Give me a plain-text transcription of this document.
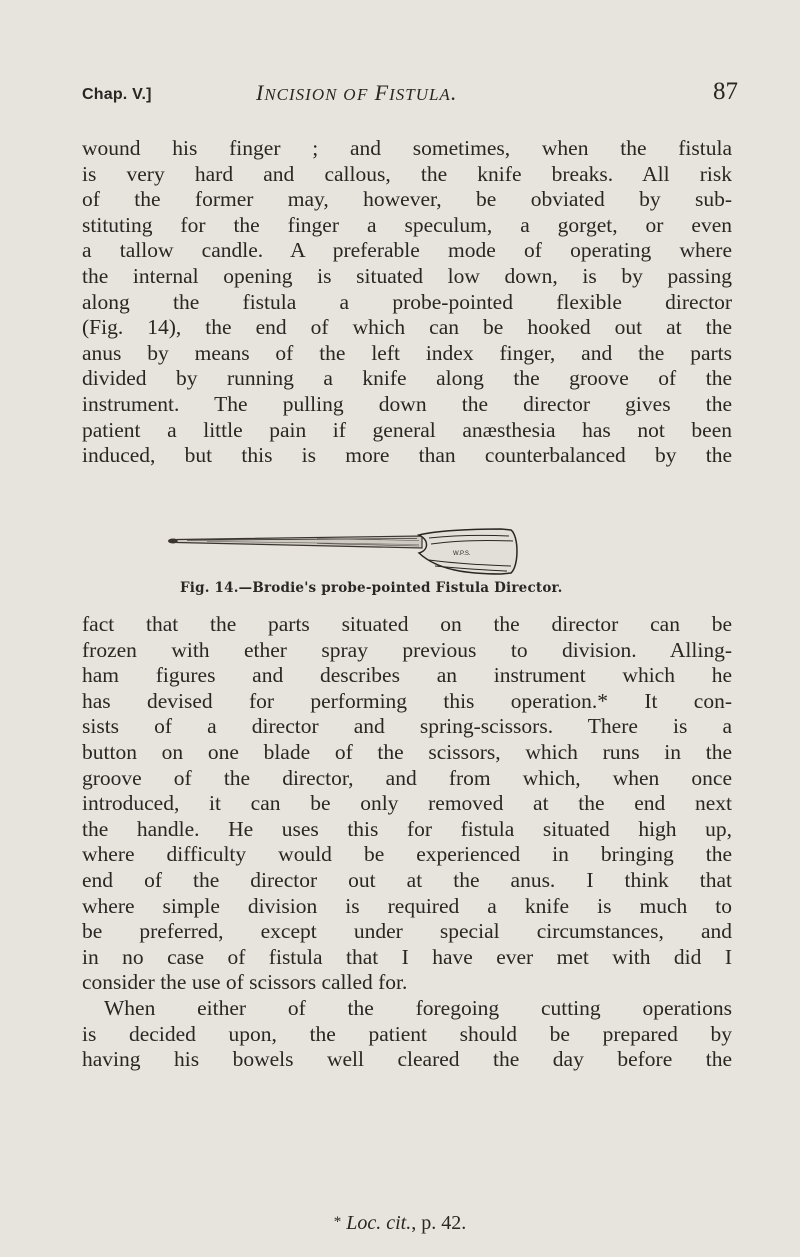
Chap. V.]	INCISION OF FISTULA.	87
wound his finger ; and sometimes, when the fistula
is very hard and callous, the knife breaks. All risk
of the former may, however, be obviated by sub-
stituting for the finger a speculum, a gorget, or even
a tallow candle. A preferable mode of operating where
the internal opening is situated low down, is by passing
along the fistula a probe-pointed flexible director
(Fig. 14), the end of which can be hooked out at the
anus by means of the left index finger, and the parts
divided by running a knife along the groove of the
instrument. The pulling down the director gives the
patient a little pain if general anæsthesia has not been
induced, but this is more than counterbalanced by the
W.P.S.
Fig. 14.—Brodie's probe-pointed Fistula Director.
fact that the parts situated on the director can be
frozen with ether spray previous to division. Alling-
ham figures and describes an instrument which he
has devised for performing this operation.* It con-
sists of a director and spring-scissors. There is a
button on one blade of the scissors, which runs in the
groove of the director, and from which, when once
introduced, it can be only removed at the end next
the handle. He uses this for fistula situated high up,
where difficulty would be experienced in bringing the
end of the director out at the anus. I think that
where simple division is required a knife is much to
be preferred, except under special circumstances, and
in no case of fistula that I have ever met with did I
consider the use of scissors called for.
When either of the foregoing cutting operations
is decided upon, the patient should be prepared by
having his bowels well cleared the day before the
* Loc. cit., p. 42.
